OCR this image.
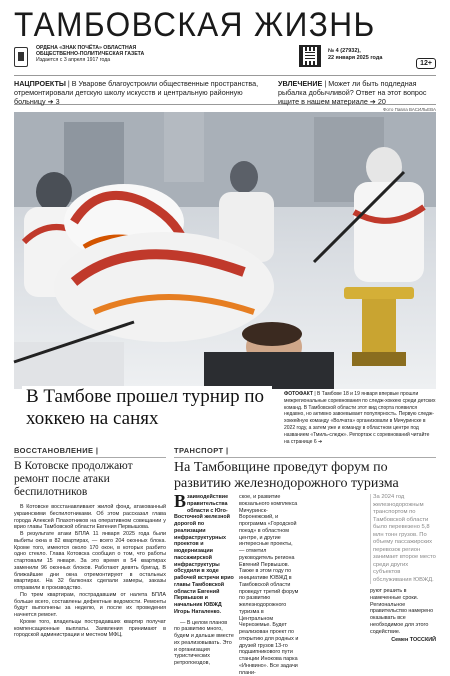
ТАМБОВСКАЯ ЖИЗНЬ
ОРДЕНА «ЗНАК ПОЧЁТА» ОБЛАСТНАЯ
ОБЩЕСТВЕННО-ПОЛИТИЧЕСКАЯ ГАЗЕТА
Издается с 3 апреля 1917 года
№ 4 (27932),
22 января 2025 года
12+
НАЦПРОЕКТЫ | В Уварове благоустроили общественные пространства, отремонтировали детскую школу искусств и центральную районную больницу ➔ 3
УВЛЕЧЕНИЕ | Может ли быть подледная рыбалка добычливой? Ответ на этот вопрос ищите в нашем материале ➔ 20
Фото Павла ВАСИЛЬЕВА
В Тамбове прошел турнир по хоккею на санях
ФОТОФАКТ | В Тамбове 18 и 19 января впервые прошли межрегиональные соревнования по следж-хоккею среди детских команд. В Тамбовской области этот вид спорта появился недавно, но активно завоевывает популярность. Первую следж-хоккейную команду «Волчата» организовали в Мичуринске в 2022 году, а затем уже и команду в областном центре под названием «Тмиль-следж». Репортаж с соревнований читайте на странице 6 ➔
ВОССТАНОВЛЕНИЕ |	ТРАНСПОРТ |
В Котовске продолжают ремонт после атаки беспилотников

В Котовске восстанавливают жилой фонд, атакованный украинскими беспилотниками. Об этом рассказал глава города Алексей Плахотников на оперативном совещании у врио главы Тамбовской области Евгения Первышова.

В результате атаки БПЛА 11 января 2025 года были выбиты окна в 82 квартирах, — всего 204 оконных блока. Кроме того, имеются около 170 окон, в которых разбито одно стекло. Глава Котовска сообщил о том, что работы стартовали 15 января. За это время в 54 квартирах заменили 96 оконных блоков. Работают девять бригад. В ближайшие дни окна отремонтируют в остальных квартирах. На 32 балконах сделали замеры, заказы отправили в производство.

По трем квартирам, пострадавшим от налета БПЛА больше всего, составлены дефектные ведомости. Ремонты будут выполнены за неделю, и после их проведения начнется ремонт.

Кроме того, владельцы пострадавших квартир получат компенсационные выплаты. Заявления принимают в городской администрации и местном МФЦ.

На Тамбовщине проведут форум по развитию железнодорожного туризма
В заимодействие правительства области с Юго-Восточной железной дорогой по реализации инфраструктурных проектов и модернизации пассажирской инфраструктуры обсудили в ходе рабочей встречи врио главы Тамбовской области Евгений Первышов и начальник ЮВЖД Игорь Наталенко.

— В целом планов по развитию много, будем и дальше вместе их реализовывать. Это и организация туристических ретропоездов,

ское, и развитие вокзального комплекса Мичуринск-Воронежский, и программа «Городской поезд» в областном центре, и другие интересные проекты, — отметил руководитель региона Евгений Первышов. Также в этом году по инициативе ЮВЖД в Тамбовской области проведут третий форум по развитию железнодорожного туризма в Центральном Черноземье. Будет реализован проект по открытию для родных и друзей грузов 13-го подшипникового пути станции Инокова парка «Иннвино». Все задачи плани-

За 2024 год железнодорожным транспортом по Тамбовской области было перевезено 5,8 млн тонн грузов. По объему пассажирских перевозок регион занимает второе место среди других субъектов обслуживания ЮВЖД.

руют решить в намеченные сроки. Региональное правительство намерено оказывать все необходимое для этого содействие.

Семен ТОССКИЙ
